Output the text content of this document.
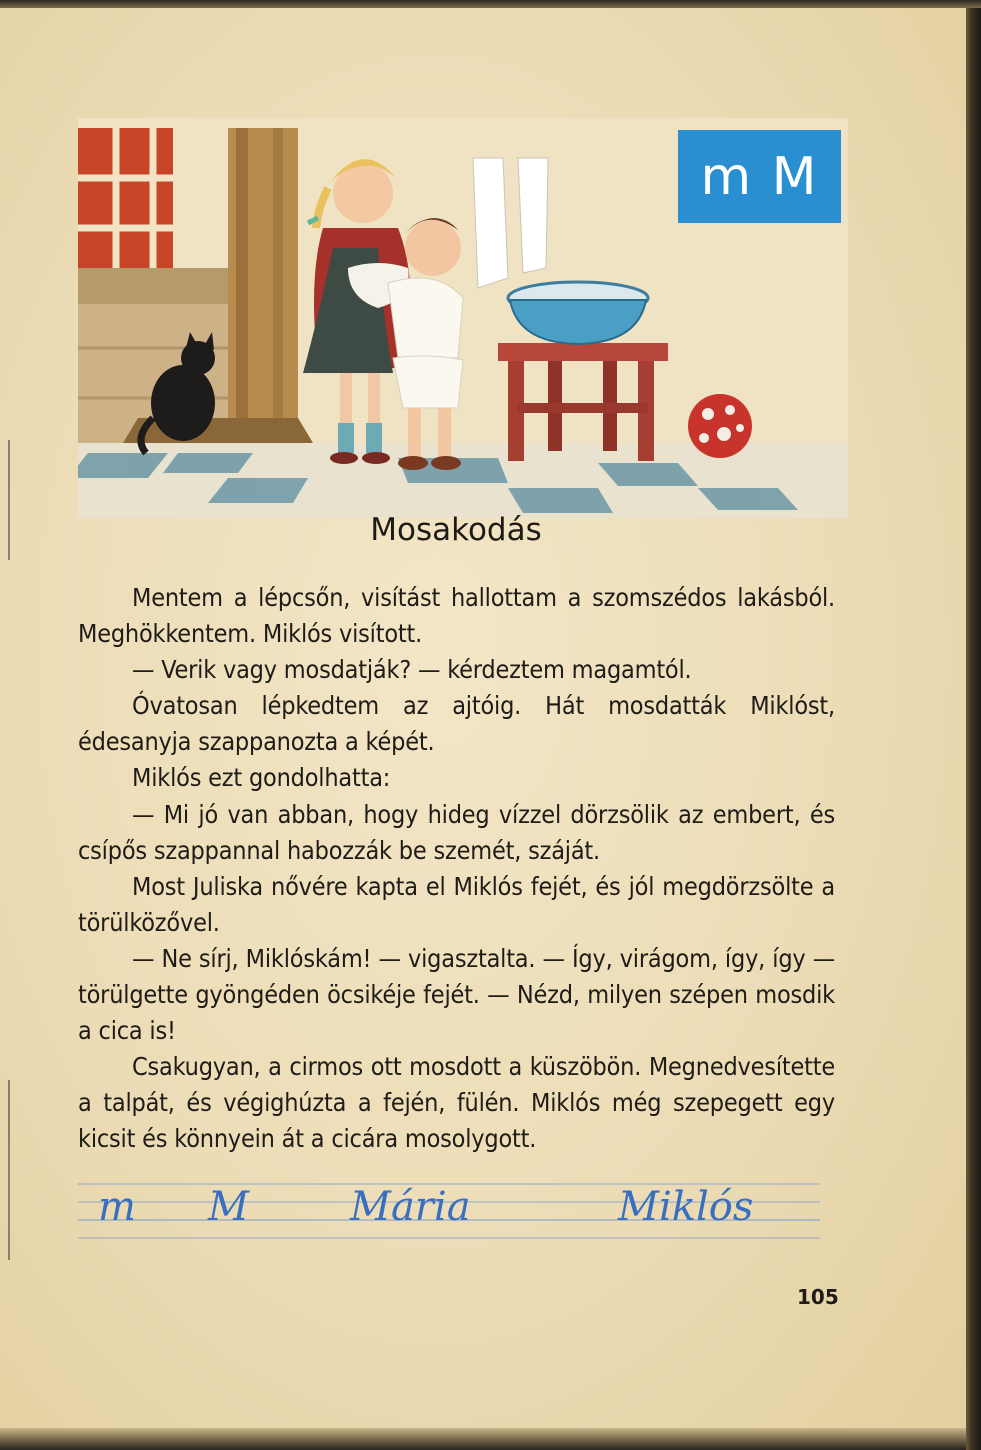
m M
Mosakodás

Mentem a lépcsőn, visítást hallottam a szomszédos lakásból. Meghökkentem. Miklós visított.

— Verik vagy mosdatják? — kérdeztem magamtól.

Óvatosan lépkedtem az ajtóig. Hát mosdatták Miklóst, édesanyja szappanozta a képét.

Miklós ezt gondolhatta:

— Mi jó van abban, hogy hideg vízzel dörzsölik az embert, és csípős szappannal habozzák be szemét, száját.

Most Juliska nővére kapta el Miklós fejét, és jól megdörzsölte a törülközővel.

— Ne sírj, Miklóskám! — vigasztalta. — Így, virágom, így, így — törülgette gyöngéden öcsikéje fejét. — Nézd, milyen szépen mosdik a cica is!

Csakugyan, a cirmos ott mosdott a küszöbön. Megnedvesítette a talpát, és végighúzta a fején, fülén. Miklós még szepegett egy kicsit és könnyein át a cicára mosolygott.

m M	Mária	Miklós
105
